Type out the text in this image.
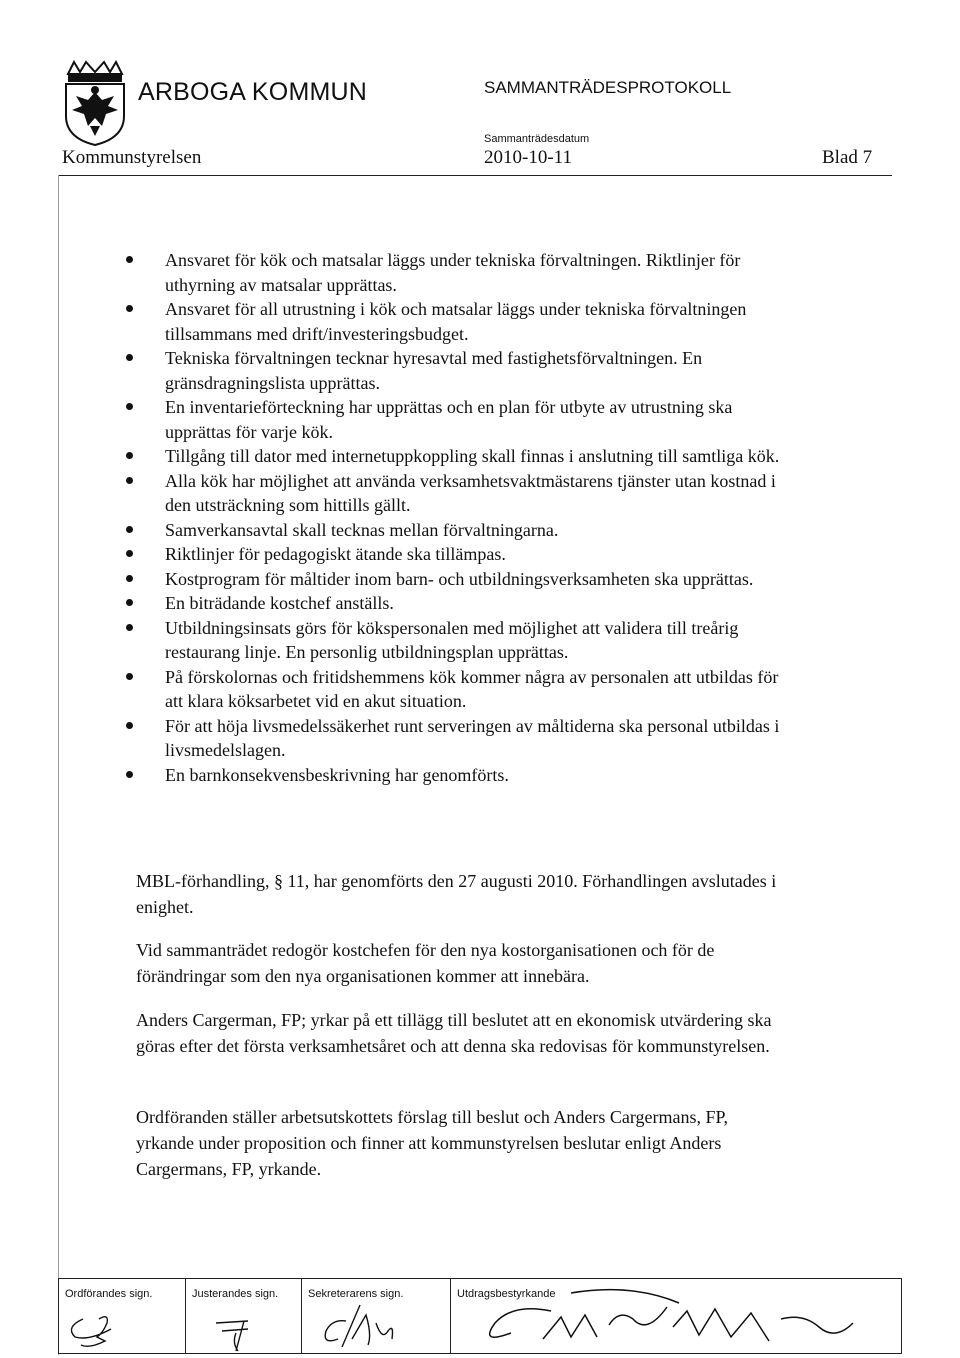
ARBOGA KOMMUN	SAMMANTRÄDESPROTOKOLL
Sammanträdesdatum
Kommunstyrelsen	2010-10-11	Blad 7
Ansvaret för kök och matsalar läggs under tekniska förvaltningen. Riktlinjer för uthyrning av matsalar upprättas.
Ansvaret för all utrustning i kök och matsalar läggs under tekniska förvaltningen tillsammans med drift/investeringsbudget.
Tekniska förvaltningen tecknar hyresavtal med fastighetsförvaltningen. En gränsdragningslista upprättas.
En inventarieförteckning har upprättas och en plan för utbyte av utrustning ska upprättas för varje kök.
Tillgång till dator med internetuppkoppling skall finnas i anslutning till samtliga kök.
Alla kök har möjlighet att använda verksamhetsvaktmästarens tjänster utan kostnad i den utsträckning som hittills gällt.
Samverkansavtal skall tecknas mellan förvaltningarna.
Riktlinjer för pedagogiskt ätande ska tillämpas.
Kostprogram för måltider inom barn- och utbildningsverksamheten ska upprättas.
En biträdande kostchef anställs.
Utbildningsinsats görs för kökspersonalen med möjlighet att validera till treårig restaurang linje. En personlig utbildningsplan upprättas.
På förskolornas och fritidshemmens kök kommer några av personalen att utbildas för att klara köksarbetet vid en akut situation.
För att höja livsmedelssäkerhet runt serveringen av måltiderna ska personal utbildas i livsmedelslagen.
En barnkonsekvensbeskrivning har genomförts.

MBL-förhandling, § 11, har genomförts den 27 augusti 2010. Förhandlingen avslutades i enighet.

Vid sammanträdet redogör kostchefen för den nya kostorganisationen och för de förändringar som den nya organisationen kommer att innebära.

Anders Cargerman, FP; yrkar på ett tillägg till beslutet att en ekonomisk utvärdering ska göras efter det första verksamhetsåret och att denna ska redovisas för kommunstyrelsen.

Ordföranden ställer arbetsutskottets förslag till beslut och Anders Cargermans, FP, yrkande under proposition och finner att kommunstyrelsen beslutar enligt Anders Cargermans, FP, yrkande.

Ordförandes sign.	Justerandes sign.	Sekreterarens sign.	Utdragsbestyrkande
